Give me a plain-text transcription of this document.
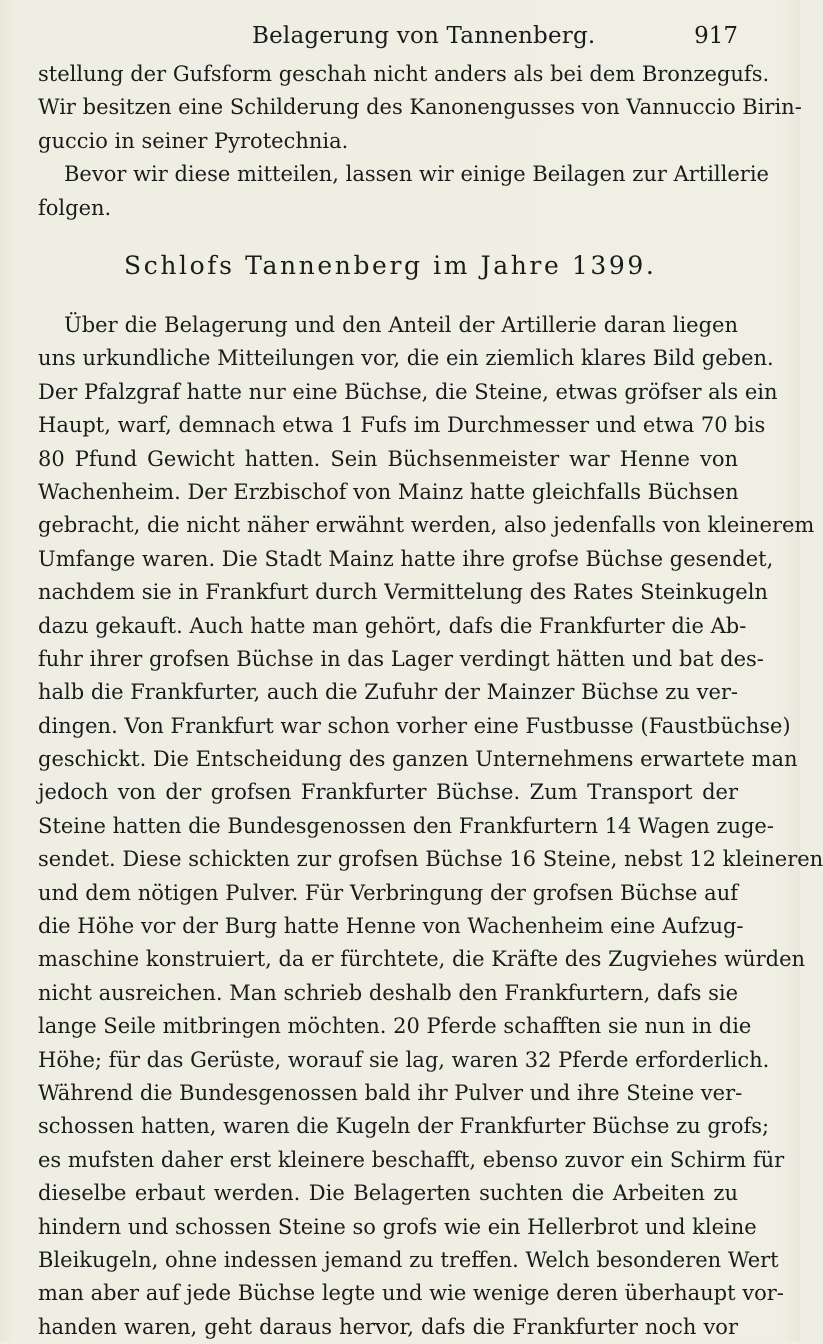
Belagerung von Tannenberg.	917
stellung der Gufsform geschah nicht anders als bei dem Bronzegufs.
Wir besitzen eine Schilderung des Kanonengusses von Vannuccio Birin-
guccio in seiner Pyrotechnia.
Bevor wir diese mitteilen, lassen wir einige Beilagen zur Artillerie
folgen.
Schlofs Tannenberg im Jahre 1399.
Über die Belagerung und den Anteil der Artillerie daran liegen
uns urkundliche Mitteilungen vor, die ein ziemlich klares Bild geben.
Der Pfalzgraf hatte nur eine Büchse, die Steine, etwas gröfser als ein
Haupt, warf, demnach etwa 1 Fufs im Durchmesser und etwa 70 bis
80 Pfund Gewicht hatten. Sein Büchsenmeister war Henne von
Wachenheim. Der Erzbischof von Mainz hatte gleichfalls Büchsen
gebracht, die nicht näher erwähnt werden, also jedenfalls von kleinerem
Umfange waren. Die Stadt Mainz hatte ihre grofse Büchse gesendet,
nachdem sie in Frankfurt durch Vermittelung des Rates Steinkugeln
dazu gekauft. Auch hatte man gehört, dafs die Frankfurter die Ab-
fuhr ihrer grofsen Büchse in das Lager verdingt hätten und bat des-
halb die Frankfurter, auch die Zufuhr der Mainzer Büchse zu ver-
dingen. Von Frankfurt war schon vorher eine Fustbusse (Faustbüchse)
geschickt. Die Entscheidung des ganzen Unternehmens erwartete man
jedoch von der grofsen Frankfurter Büchse. Zum Transport der
Steine hatten die Bundesgenossen den Frankfurtern 14 Wagen zuge-
sendet. Diese schickten zur grofsen Büchse 16 Steine, nebst 12 kleineren
und dem nötigen Pulver. Für Verbringung der grofsen Büchse auf
die Höhe vor der Burg hatte Henne von Wachenheim eine Aufzug-
maschine konstruiert, da er fürchtete, die Kräfte des Zugviehes würden
nicht ausreichen. Man schrieb deshalb den Frankfurtern, dafs sie
lange Seile mitbringen möchten. 20 Pferde schafften sie nun in die
Höhe; für das Gerüste, worauf sie lag, waren 32 Pferde erforderlich.
Während die Bundesgenossen bald ihr Pulver und ihre Steine ver-
schossen hatten, waren die Kugeln der Frankfurter Büchse zu grofs;
es mufsten daher erst kleinere beschafft, ebenso zuvor ein Schirm für
dieselbe erbaut werden. Die Belagerten suchten die Arbeiten zu
hindern und schossen Steine so grofs wie ein Hellerbrot und kleine
Bleikugeln, ohne indessen jemand zu treffen. Welch besonderen Wert
man aber auf jede Büchse legte und wie wenige deren überhaupt vor-
handen waren, geht daraus hervor, dafs die Frankfurter noch vor
